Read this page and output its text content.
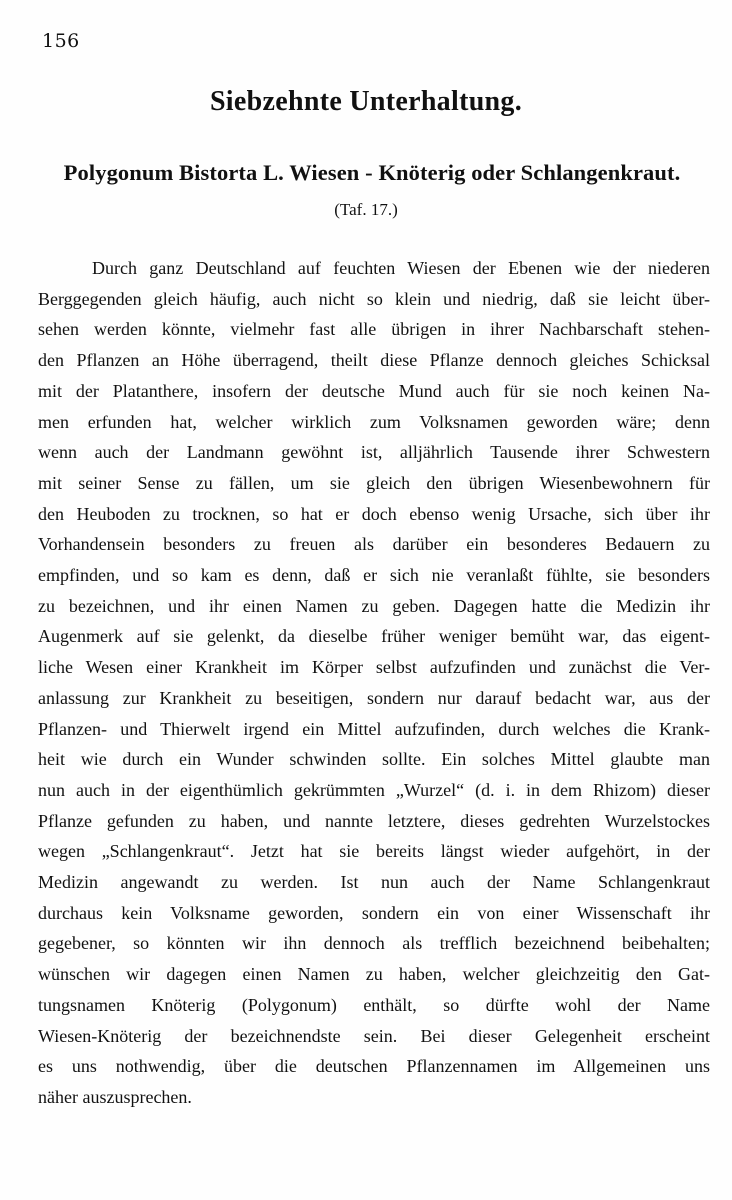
156
Siebzehnte Unterhaltung.
Polygonum Bistorta L. Wiesen - Knöterig oder Schlangenkraut.
(Taf. 17.)
Durch ganz Deutschland auf feuchten Wiesen der Ebenen wie der niederen
Berggegenden gleich häufig, auch nicht so klein und niedrig, daß sie leicht über-
sehen werden könnte, vielmehr fast alle übrigen in ihrer Nachbarschaft stehen-
den Pflanzen an Höhe überragend, theilt diese Pflanze dennoch gleiches Schicksal
mit der Platanthere, insofern der deutsche Mund auch für sie noch keinen Na-
men erfunden hat, welcher wirklich zum Volksnamen geworden wäre; denn
wenn auch der Landmann gewöhnt ist, alljährlich Tausende ihrer Schwestern
mit seiner Sense zu fällen, um sie gleich den übrigen Wiesenbewohnern für
den Heuboden zu trocknen, so hat er doch ebenso wenig Ursache, sich über ihr
Vorhandensein besonders zu freuen als darüber ein besonderes Bedauern zu
empfinden, und so kam es denn, daß er sich nie veranlaßt fühlte, sie besonders
zu bezeichnen, und ihr einen Namen zu geben. Dagegen hatte die Medizin ihr
Augenmerk auf sie gelenkt, da dieselbe früher weniger bemüht war, das eigent-
liche Wesen einer Krankheit im Körper selbst aufzufinden und zunächst die Ver-
anlassung zur Krankheit zu beseitigen, sondern nur darauf bedacht war, aus der
Pflanzen- und Thierwelt irgend ein Mittel aufzufinden, durch welches die Krank-
heit wie durch ein Wunder schwinden sollte. Ein solches Mittel glaubte man
nun auch in der eigenthümlich gekrümmten „Wurzel“ (d. i. in dem Rhizom) dieser
Pflanze gefunden zu haben, und nannte letztere, dieses gedrehten Wurzelstockes
wegen „Schlangenkraut“. Jetzt hat sie bereits längst wieder aufgehört, in der
Medizin angewandt zu werden. Ist nun auch der Name Schlangenkraut
durchaus kein Volksname geworden, sondern ein von einer Wissenschaft ihr
gegebener, so könnten wir ihn dennoch als trefflich bezeichnend beibehalten;
wünschen wir dagegen einen Namen zu haben, welcher gleichzeitig den Gat-
tungsnamen Knöterig (Polygonum) enthält, so dürfte wohl der Name
Wiesen-Knöterig der bezeichnendste sein. Bei dieser Gelegenheit erscheint
es uns nothwendig, über die deutschen Pflanzennamen im Allgemeinen uns
näher auszusprechen.
